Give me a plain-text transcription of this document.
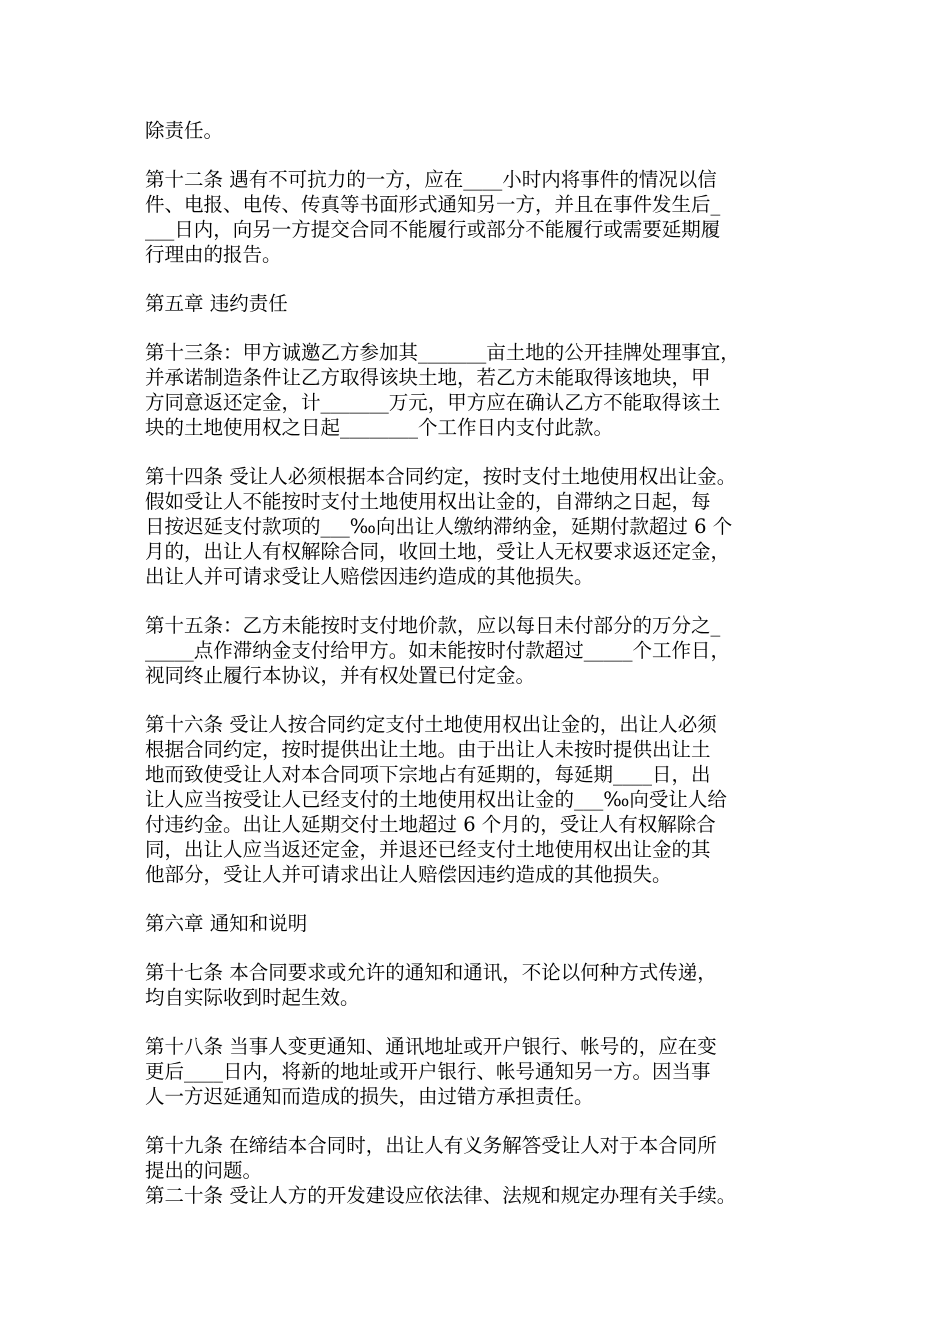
除责任。
第十二条 遇有不可抗力的一方，应在____小时内将事件的情况以信
件、电报、电传、传真等书面形式通知另一方，并且在事件发生后_
___日内，向另一方提交合同不能履行或部分不能履行或需要延期履
行理由的报告。
第五章 违约责任
第十三条：甲方诚邀乙方参加其_______亩土地的公开挂牌处理事宜，
并承诺制造条件让乙方取得该块土地，若乙方未能取得该地块，甲
方同意返还定金，计_______万元，甲方应在确认乙方不能取得该土
块的土地使用权之日起________个工作日内支付此款。
第十四条 受让人必须根据本合同约定，按时支付土地使用权出让金。
假如受让人不能按时支付土地使用权出让金的，自滞纳之日起，每
日按迟延支付款项的___‰向出让人缴纳滞纳金，延期付款超过 6 个
月的，出让人有权解除合同，收回土地，受让人无权要求返还定金，
出让人并可请求受让人赔偿因违约造成的其他损失。
第十五条：乙方未能按时支付地价款，应以每日未付部分的万分之_
_____点作滞纳金支付给甲方。如未能按时付款超过_____个工作日，
视同终止履行本协议，并有权处置已付定金。
第十六条 受让人按合同约定支付土地使用权出让金的，出让人必须
根据合同约定，按时提供出让土地。由于出让人未按时提供出让土
地而致使受让人对本合同项下宗地占有延期的，每延期____日，出
让人应当按受让人已经支付的土地使用权出让金的___‰向受让人给
付违约金。出让人延期交付土地超过 6 个月的，受让人有权解除合
同，出让人应当返还定金，并退还已经支付土地使用权出让金的其
他部分，受让人并可请求出让人赔偿因违约造成的其他损失。
第六章 通知和说明
第十七条 本合同要求或允许的通知和通讯，不论以何种方式传递，
均自实际收到时起生效。
第十八条 当事人变更通知、通讯地址或开户银行、帐号的，应在变
更后____日内，将新的地址或开户银行、帐号通知另一方。因当事
人一方迟延通知而造成的损失，由过错方承担责任。
第十九条 在缔结本合同时，出让人有义务解答受让人对于本合同所
提出的问题。
第二十条 受让人方的开发建设应依法律、法规和规定办理有关手续。
